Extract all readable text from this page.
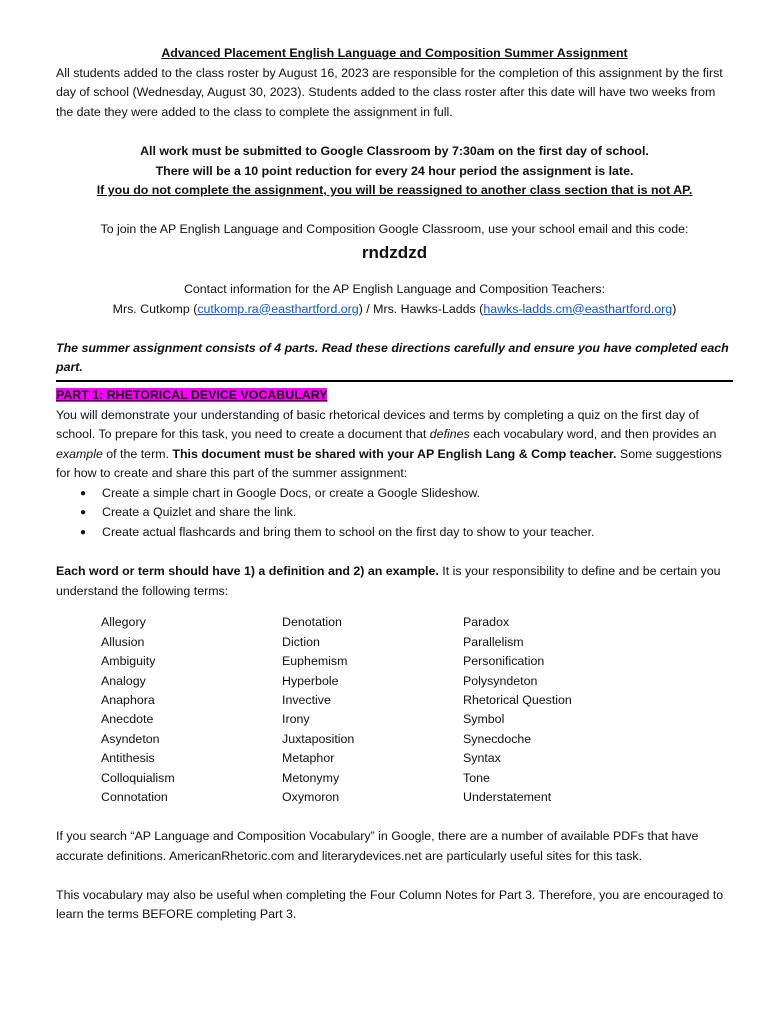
Advanced Placement English Language and Composition Summer Assignment

All students added to the class roster by August 16, 2023 are responsible for the completion of this assignment by the first day of school (Wednesday, August 30, 2023). Students added to the class roster after this date will have two weeks from the date they were added to the class to complete the assignment in full.

All work must be submitted to Google Classroom by 7:30am on the first day of school.

There will be a 10 point reduction for every 24 hour period the assignment is late.

If you do not complete the assignment, you will be reassigned to another class section that is not AP.

To join the AP English Language and Composition Google Classroom, use your school email and this code:

rndzdzd

Contact information for the AP English Language and Composition Teachers:

Mrs. Cutkomp (cutkomp.ra@easthartford.org) / Mrs. Hawks-Ladds (hawks-ladds.cm@easthartford.org)

The summer assignment consists of 4 parts. Read these directions carefully and ensure you have completed each part.

PART 1: RHETORICAL DEVICE VOCABULARY

You will demonstrate your understanding of basic rhetorical devices and terms by completing a quiz on the first day of school. To prepare for this task, you need to create a document that defines each vocabulary word, and then provides an example of the term. This document must be shared with your AP English Lang & Comp teacher. Some suggestions for how to create and share this part of the summer assignment:

● Create a simple chart in Google Docs, or create a Google Slideshow.
● Create a Quizlet and share the link.
● Create actual flashcards and bring them to school on the first day to show to your teacher.

Each word or term should have 1) a definition and 2) an example. It is your responsibility to define and be certain you understand the following terms:

Allegory
Allusion
Ambiguity
Analogy
Anaphora
Anecdote
Asyndeton
Antithesis
Colloquialism
Connotation
Denotation
Diction
Euphemism
Hyperbole
Invective
Irony
Juxtaposition
Metaphor
Metonymy
Oxymoron
Paradox
Parallelism
Personification
Polysyndeton
Rhetorical Question
Symbol
Synecdoche
Syntax
Tone
Understatement

If you search “AP Language and Composition Vocabulary” in Google, there are a number of available PDFs that have accurate definitions. AmericanRhetoric.com and literarydevices.net are particularly useful sites for this task.

This vocabulary may also be useful when completing the Four Column Notes for Part 3. Therefore, you are encouraged to learn the terms BEFORE completing Part 3.
